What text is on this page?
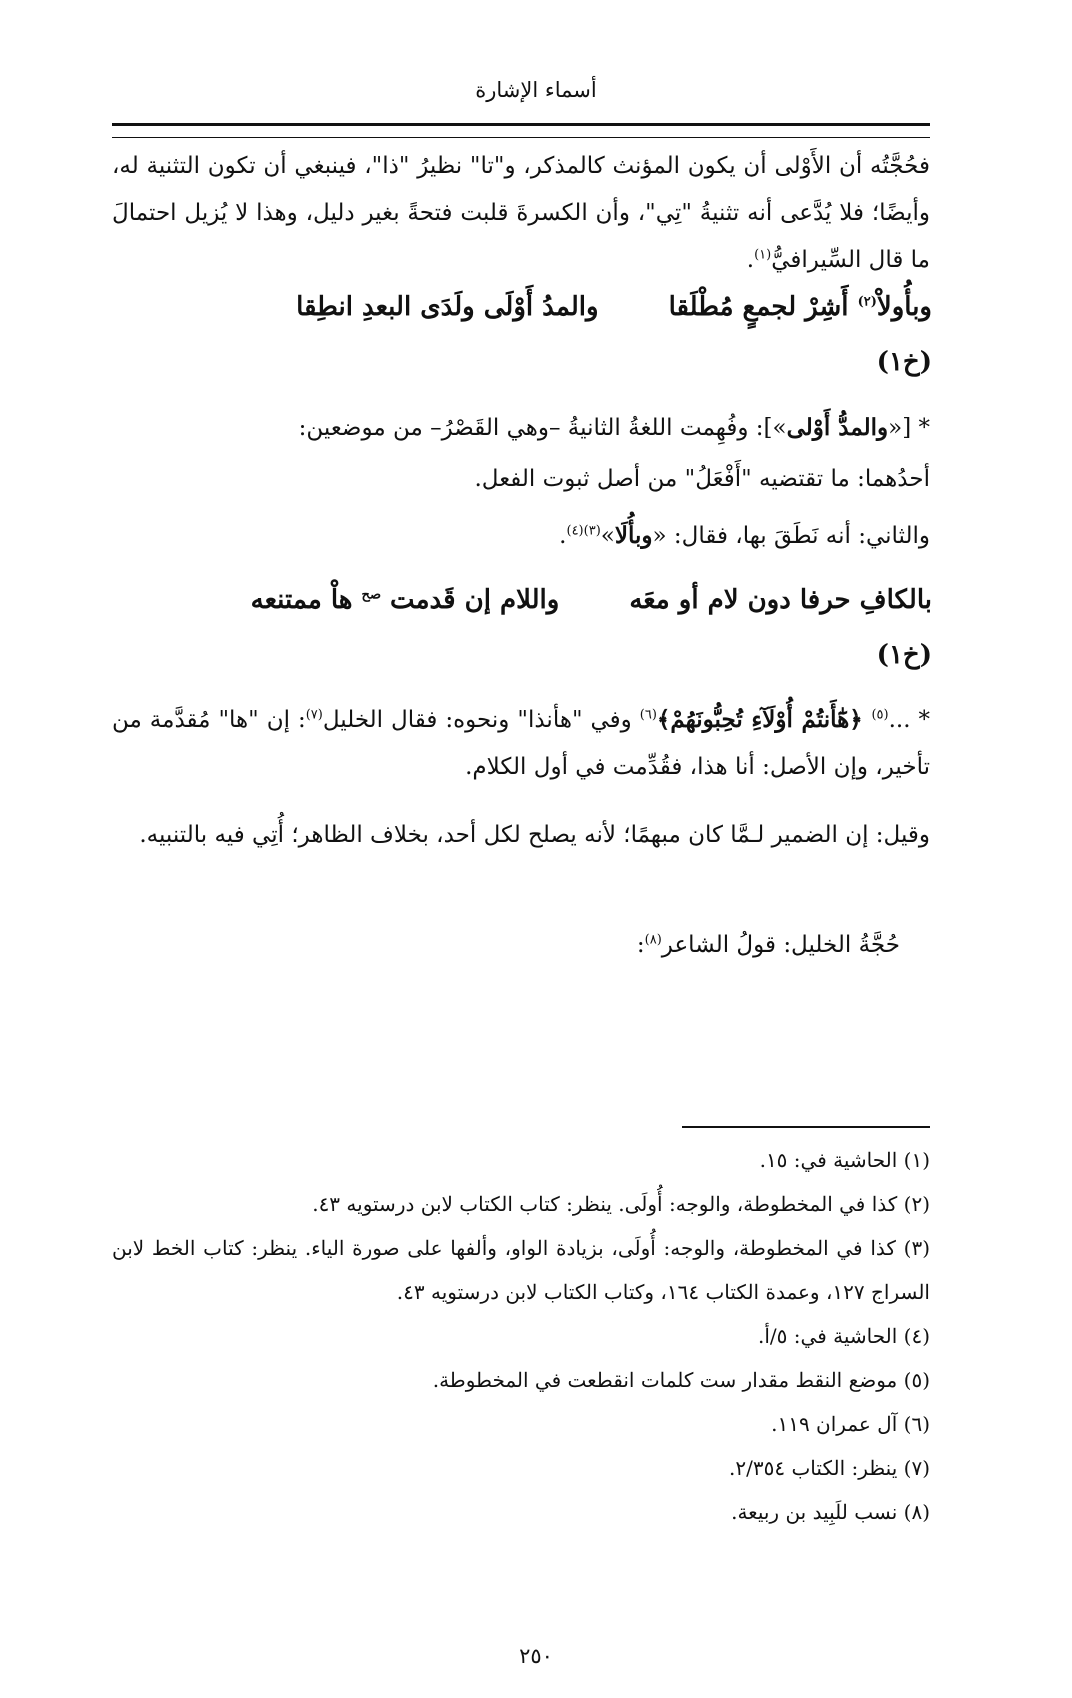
أسماء الإشارة
فحُجَّتُه أن الأَوْلى أن يكون المؤنث كالمذكر، و"تا" نظيرُ "ذا"، فينبغي أن تكون التثنية له، وأيضًا؛ فلا يُدَّعى أنه تثنيةُ "تِي"، وأن الكسرةَ قلبت فتحةً بغير دليل، وهذا لا يُزيل احتمالَ ما قال السِّيرافيُّ$^{(١)}$.
وبأُولاْ$^{(٢)}$ أَشِرْ لجمعٍ مُطْلَقاوالمدُ أَوْلَى ولَدَى البعدِ انطِقا
(خ١)
* [«والمدُّ أَوْلى»]: وفُهِمت اللغةُ الثانيةُ –وهي القَصْرُ– من موضعين:
أحدُهما: ما تقتضيه "أَفْعَلُ" من أصل ثبوت الفعل.
والثاني: أنه نَطَقَ بها، فقال: «وبأُلَا»$^{(٣)(٤)}$.
بالكافِ حرفا دون لام أو معَهواللام إن قَدمت $^{صح}$ هاْ ممتنعه
(خ١)
* ...$^{(٥)}$ ﴿هَٰٓأَنتُمْ أُوْلَآءِ تُحِبُّونَهُمْ﴾$^{(٦)}$ وفي "هأنذا" ونحوه: فقال الخليل$^{(٧)}$: إن "ها" مُقدَّمة من تأخير، وإن الأصل: أنا هذا، فقُدِّمت في أول الكلام.
وقيل: إن الضمير لـمَّا كان مبهمًا؛ لأنه يصلح لكل أحد، بخلاف الظاهر؛ أُتِي فيه بالتنبيه.
حُجَّةُ الخليل: قولُ الشاعر$^{(٨)}$:
(١) الحاشية في: ١٥.
(٢) كذا في المخطوطة، والوجه: أُولَى. ينظر: كتاب الكتاب لابن درستويه ٤٣.
(٣) كذا في المخطوطة، والوجه: أُولَى، بزيادة الواو، وألفها على صورة الياء. ينظر: كتاب الخط لابن السراج ١٢٧، وعمدة الكتاب ١٦٤، وكتاب الكتاب لابن درستويه ٤٣.
(٤) الحاشية في: ٥/أ.
(٥) موضع النقط مقدار ست كلمات انقطعت في المخطوطة.
(٦) آل عمران ١١٩.
(٧) ينظر: الكتاب ٢/٣٥٤.
(٨) نسب للَبِيد بن ربيعة.
٢٥٠
